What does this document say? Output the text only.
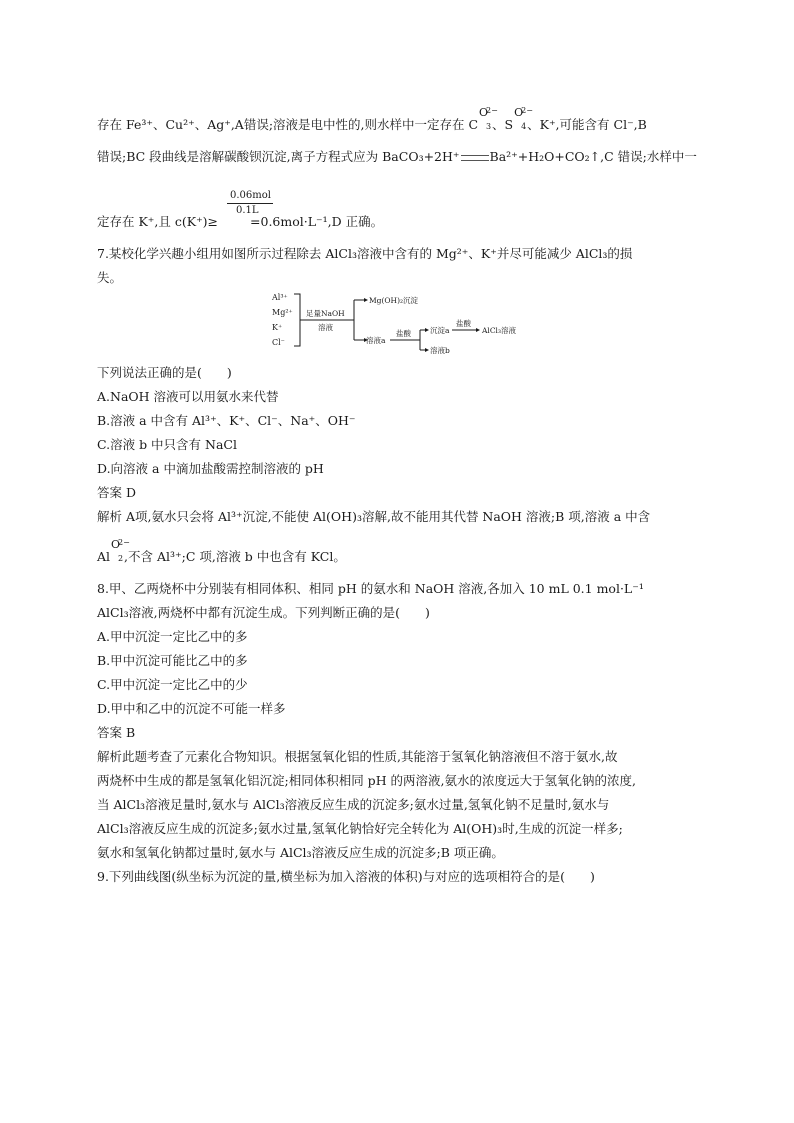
存在 Fe³⁺、Cu²⁺、Ag⁺,A错误;溶液是电中性的,则水样中一定存在 C
O
2−
3 、S
O
2−
4 、K⁺,可能含有 Cl⁻,B
错误;BC 段曲线是溶解碳酸钡沉淀,离子方程式应为 BaCO₃+2H⁺ Ba²⁺+H₂O+CO₂↑,C 错误;水样中一
0.06mol
0.1L
定存在 K⁺,且 c(K⁺)≥	=0.6mol·L⁻¹,D 正确。
7.某校化学兴趣小组用如图所示过程除去 AlCl₃溶液中含有的 Mg²⁺、K⁺并尽可能减少 AlCl₃的损
失。
Al³⁺
Mg²⁺
K⁺
Cl⁻
足量NaOH
溶液
Mg(OH)₂沉淀
溶液a
盐酸	沉淀a
盐酸
AlCl₃溶液
溶液b
下列说法正确的是(　　)
A.NaOH 溶液可以用氨水来代替
B.溶液 a 中含有 Al³⁺、K⁺、Cl⁻、Na⁺、OH⁻
C.溶液 b 中只含有 NaCl
D.向溶液 a 中滴加盐酸需控制溶液的 pH
答案 D
解析 A项,氨水只会将 Al³⁺沉淀,不能使 Al(OH)₃溶解,故不能用其代替 NaOH 溶液;B 项,溶液 a 中含
Al
O
2−
2 ,不含 Al³⁺;C 项,溶液 b 中也含有 KCl。
8.甲、乙两烧杯中分别装有相同体积、相同 pH 的氨水和 NaOH 溶液,各加入 10 mL 0.1 mol·L⁻¹
AlCl₃溶液,两烧杯中都有沉淀生成。下列判断正确的是(　　)
A.甲中沉淀一定比乙中的多
B.甲中沉淀可能比乙中的多
C.甲中沉淀一定比乙中的少
D.甲中和乙中的沉淀不可能一样多
答案 B
解析此题考查了元素化合物知识。根据氢氧化铝的性质,其能溶于氢氧化钠溶液但不溶于氨水,故
两烧杯中生成的都是氢氧化铝沉淀;相同体积相同 pH 的两溶液,氨水的浓度远大于氢氧化钠的浓度,
当 AlCl₃溶液足量时,氨水与 AlCl₃溶液反应生成的沉淀多;氨水过量,氢氧化钠不足量时,氨水与
AlCl₃溶液反应生成的沉淀多;氨水过量,氢氧化钠恰好完全转化为 Al(OH)₃时,生成的沉淀一样多;
氨水和氢氧化钠都过量时,氨水与 AlCl₃溶液反应生成的沉淀多;B 项正确。
9.下列曲线图(纵坐标为沉淀的量,横坐标为加入溶液的体积)与对应的选项相符合的是(　　)
